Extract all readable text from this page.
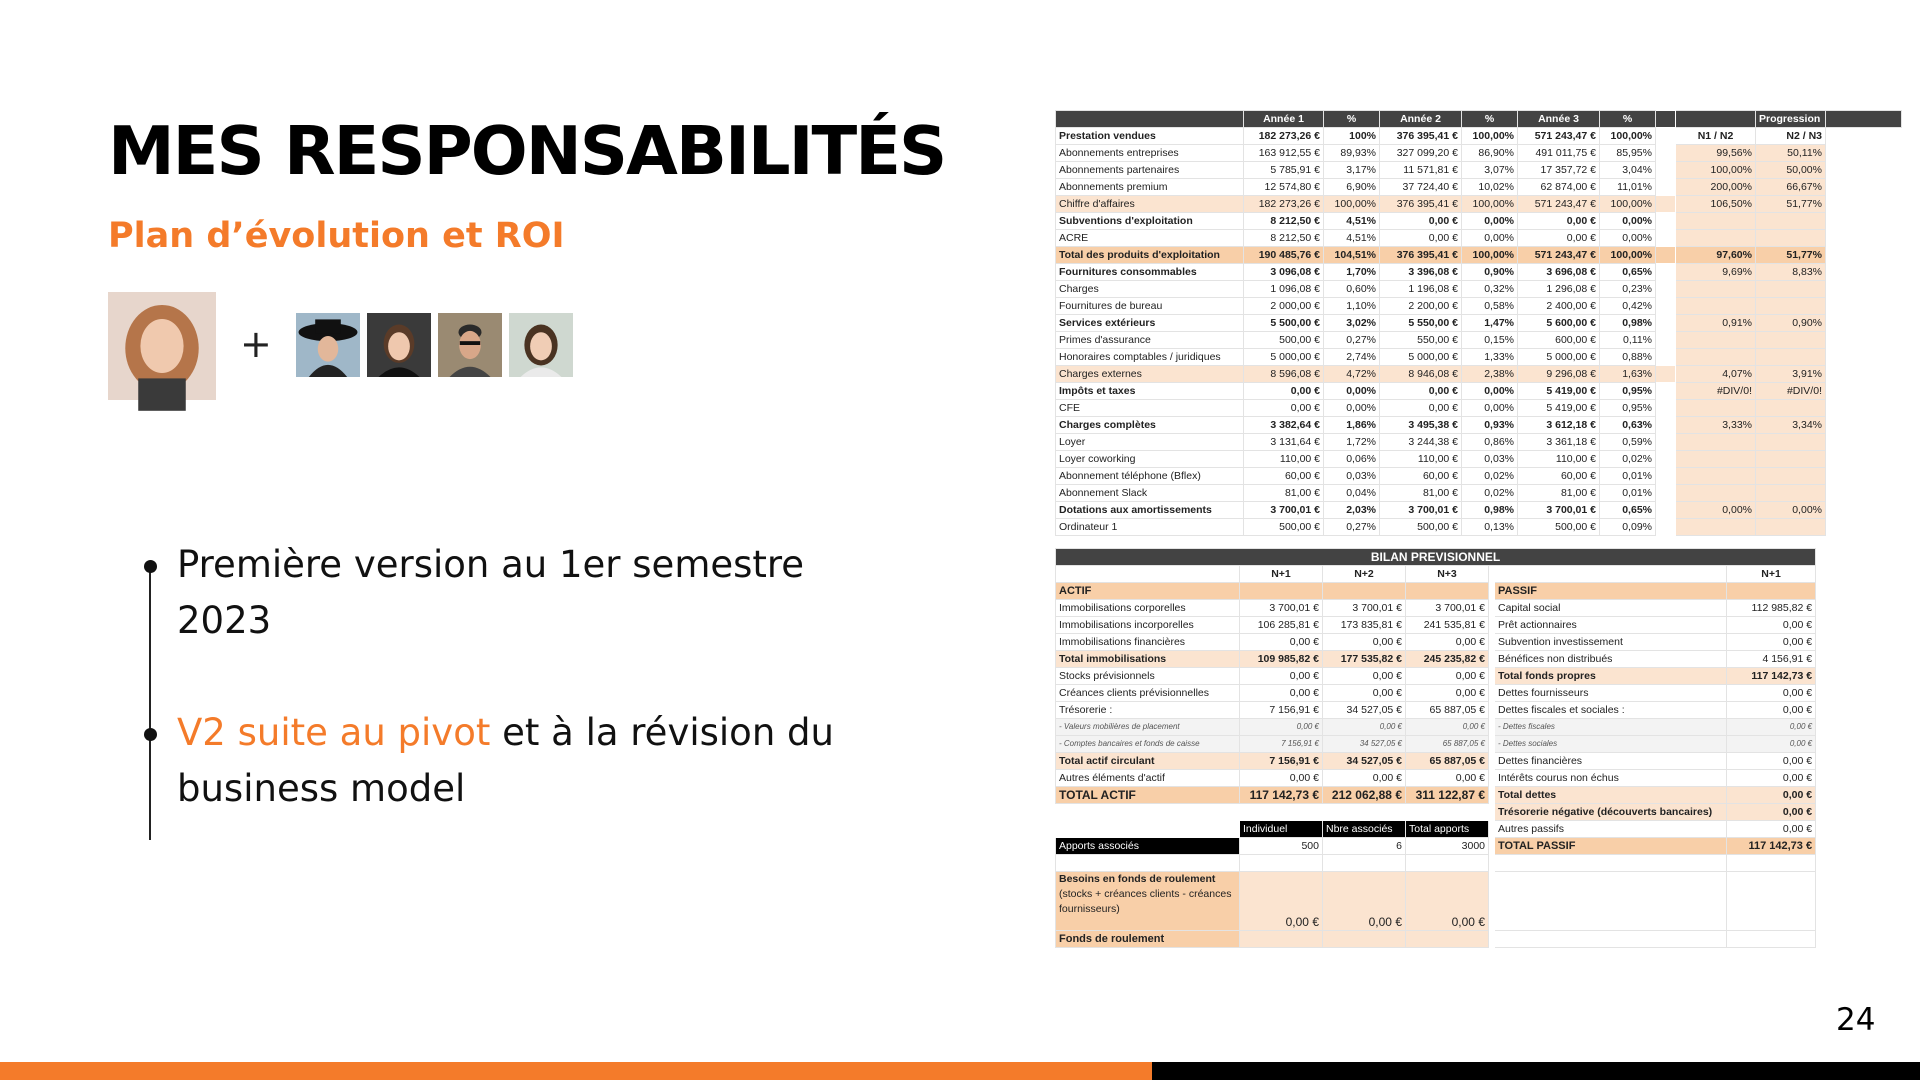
MES RESPONSABILITÉS
Plan d’évolution et ROI
+
Première version au 1er semestre 2023
V2 suite au pivot et à la révision du business model
	Année 1	%	Année 2	%	Année 3	%			Progression	
Prestation vendues	182 273,26 €	100%	376 395,41 €	100,00%	571 243,47 €	100,00%		N1 / N2	N2 / N3	
Abonnements entreprises	163 912,55 €	89,93%	327 099,20 €	86,90%	491 011,75 €	85,95%		99,56%	50,11%	
Abonnements partenaires	5 785,91 €	3,17%	11 571,81 €	3,07%	17 357,72 €	3,04%		100,00%	50,00%	
Abonnements premium	12 574,80 €	6,90%	37 724,40 €	10,02%	62 874,00 €	11,01%		200,00%	66,67%	
Chiffre d'affaires	182 273,26 €	100,00%	376 395,41 €	100,00%	571 243,47 €	100,00%		106,50%	51,77%	
Subventions d'exploitation	8 212,50 €	4,51%	0,00 €	0,00%	0,00 €	0,00%				
ACRE	8 212,50 €	4,51%	0,00 €	0,00%	0,00 €	0,00%				
Total des produits d'exploitation	190 485,76 €	104,51%	376 395,41 €	100,00%	571 243,47 €	100,00%		97,60%	51,77%	
Fournitures consommables	3 096,08 €	1,70%	3 396,08 €	0,90%	3 696,08 €	0,65%		9,69%	8,83%	
Charges	1 096,08 €	0,60%	1 196,08 €	0,32%	1 296,08 €	0,23%				
Fournitures de bureau	2 000,00 €	1,10%	2 200,00 €	0,58%	2 400,00 €	0,42%				
Services extérieurs	5 500,00 €	3,02%	5 550,00 €	1,47%	5 600,00 €	0,98%		0,91%	0,90%	
Primes d'assurance	500,00 €	0,27%	550,00 €	0,15%	600,00 €	0,11%				
Honoraires comptables / juridiques	5 000,00 €	2,74%	5 000,00 €	1,33%	5 000,00 €	0,88%				
Charges externes	8 596,08 €	4,72%	8 946,08 €	2,38%	9 296,08 €	1,63%		4,07%	3,91%	
Impôts et taxes	0,00 €	0,00%	0,00 €	0,00%	5 419,00 €	0,95%		#DIV/0!	#DIV/0!	
CFE	0,00 €	0,00%	0,00 €	0,00%	5 419,00 €	0,95%				
Charges complètes	3 382,64 €	1,86%	3 495,38 €	0,93%	3 612,18 €	0,63%		3,33%	3,34%	
Loyer	3 131,64 €	1,72%	3 244,38 €	0,86%	3 361,18 €	0,59%				
Loyer coworking	110,00 €	0,06%	110,00 €	0,03%	110,00 €	0,02%				
Abonnement téléphone (Bflex)	60,00 €	0,03%	60,00 €	0,02%	60,00 €	0,01%				
Abonnement Slack	81,00 €	0,04%	81,00 €	0,02%	81,00 €	0,01%				
Dotations aux amortissements	3 700,01 €	2,03%	3 700,01 €	0,98%	3 700,01 €	0,65%		0,00%	0,00%	
Ordinateur 1	500,00 €	0,27%	500,00 €	0,13%	500,00 €	0,09%				
BILAN PREVISIONNEL						
	N+1	N+2	N+3			N+1
ACTIF					PASSIF	
Immobilisations corporelles	3 700,01 €	3 700,01 €	3 700,01 €		Capital social	112 985,82 €
Immobilisations incorporelles	106 285,81 €	173 835,81 €	241 535,81 €		Prêt actionnaires	0,00 €
Immobilisations financières	0,00 €	0,00 €	0,00 €		Subvention investissement	0,00 €
Total immobilisations	109 985,82 €	177 535,82 €	245 235,82 €		Bénéfices non distribués	4 156,91 €
Stocks prévisionnels	0,00 €	0,00 €	0,00 €		Total fonds propres	117 142,73 €
Créances clients prévisionnelles	0,00 €	0,00 €	0,00 €		Dettes fournisseurs	0,00 €
Trésorerie :	7 156,91 €	34 527,05 €	65 887,05 €		Dettes fiscales et sociales :	0,00 €
- Valeurs mobilières de placement	0,00 €	0,00 €	0,00 €		- Dettes fiscales	0,00 €
- Comptes bancaires et fonds de caisse	7 156,91 €	34 527,05 €	65 887,05 €		- Dettes sociales	0,00 €
Total actif circulant	7 156,91 €	34 527,05 €	65 887,05 €		Dettes financières	0,00 €
Autres éléments d'actif	0,00 €	0,00 €	0,00 €		Intérêts courus non échus	0,00 €
TOTAL ACTIF	117 142,73 €	212 062,88 €	311 122,87 €		Total dettes	0,00 €
					Trésorerie négative (découverts bancaires)	0,00 €
	Individuel	Nbre associés	Total apports		Autres passifs	0,00 €
Apports associés	500	6	3000		TOTAL PASSIF	117 142,73 €

Besoins en fonds de roulement (stocks + créances clients - créances fournisseurs)	0,00 €	0,00 €	0,00 €			
Fonds de roulement						
24
